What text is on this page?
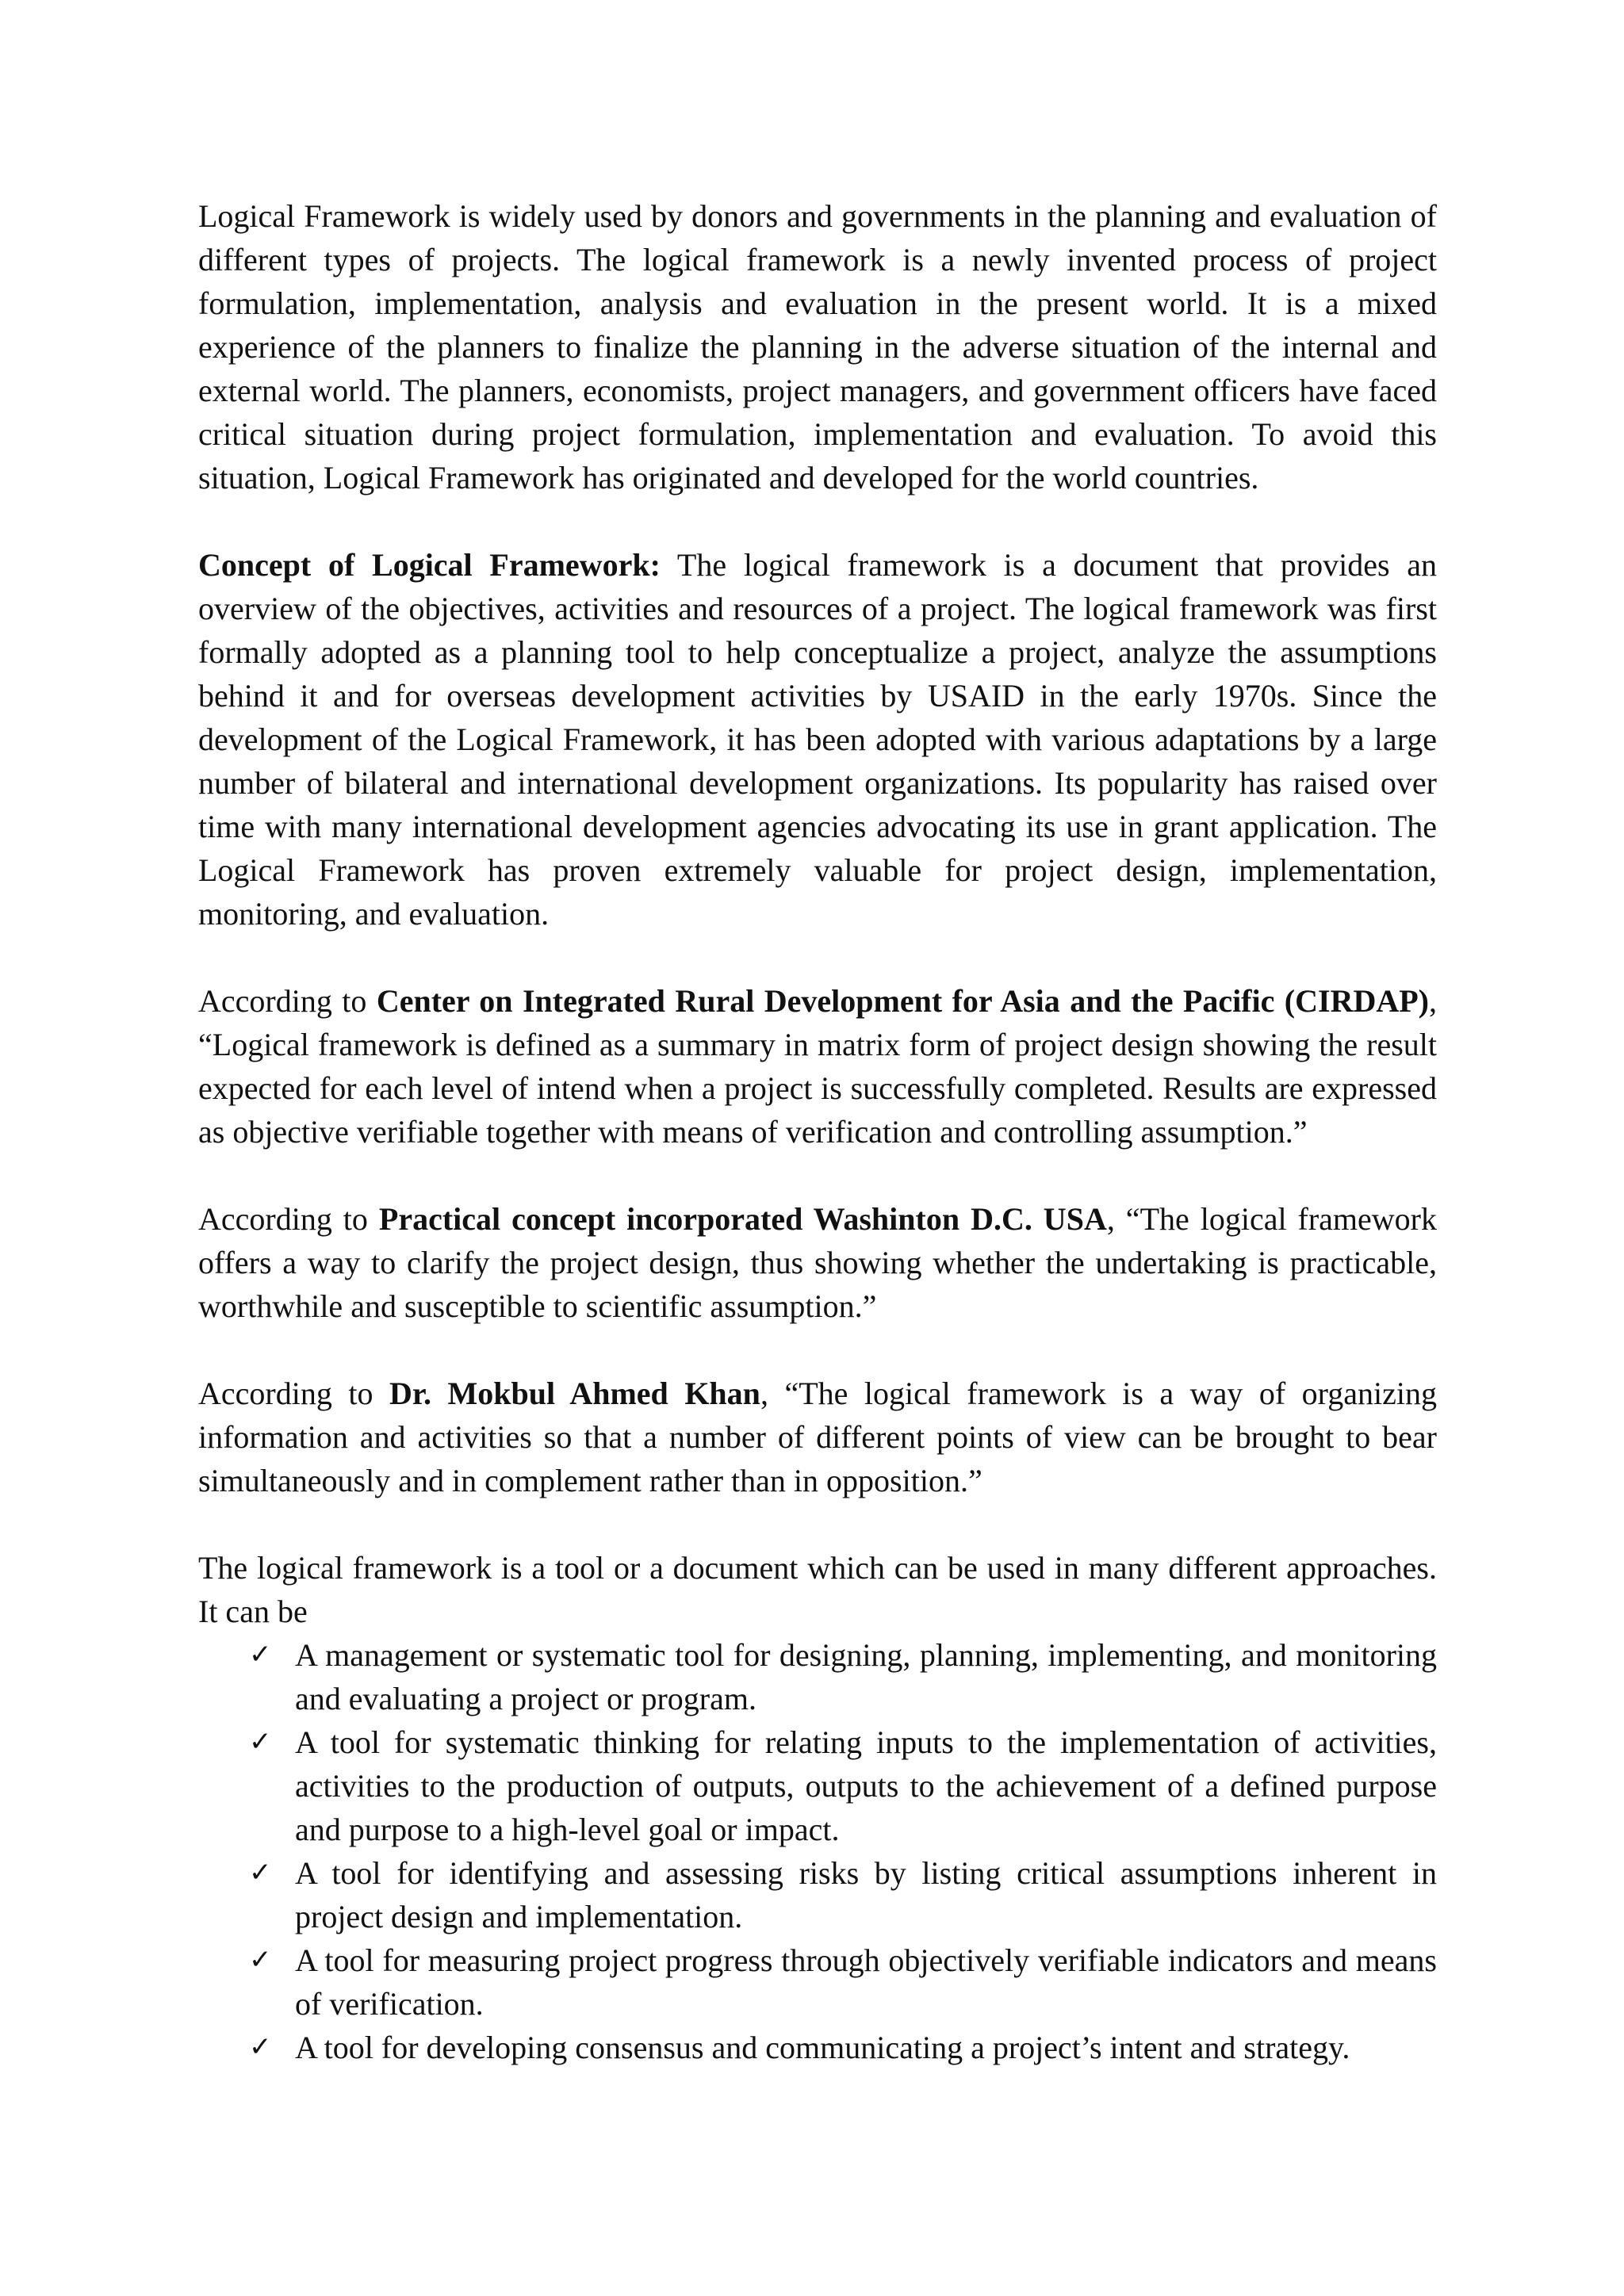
Logical Framework is widely used by donors and governments in the planning and evaluation of different types of projects. The logical framework is a newly invented process of project formulation, implementation, analysis and evaluation in the present world. It is a mixed experience of the planners to finalize the planning in the adverse situation of the internal and external world. The planners, economists, project managers, and government officers have faced critical situation during project formulation, implementation and evaluation. To avoid this situation, Logical Framework has originated and developed for the world countries.

Concept of Logical Framework: The logical framework is a document that provides an overview of the objectives, activities and resources of a project. The logical framework was first formally adopted as a planning tool to help conceptualize a project, analyze the assumptions behind it and for overseas development activities by USAID in the early 1970s. Since the development of the Logical Framework, it has been adopted with various adaptations by a large number of bilateral and international development organizations. Its popularity has raised over time with many international development agencies advocating its use in grant application. The Logical Framework has proven extremely valuable for project design, implementation, monitoring, and evaluation.

According to Center on Integrated Rural Development for Asia and the Pacific (CIRDAP), “Logical framework is defined as a summary in matrix form of project design showing the result expected for each level of intend when a project is successfully completed. Results are expressed as objective verifiable together with means of verification and controlling assumption.”

According to Practical concept incorporated Washinton D.C. USA, “The logical framework offers a way to clarify the project design, thus showing whether the undertaking is practicable, worthwhile and susceptible to scientific assumption.”

According to Dr. Mokbul Ahmed Khan, “The logical framework is a way of organizing information and activities so that a number of different points of view can be brought to bear simultaneously and in complement rather than in opposition.”

The logical framework is a tool or a document which can be used in many different approaches. It can be

✓ A management or systematic tool for designing, planning, implementing, and monitoring and evaluating a project or program.
✓ A tool for systematic thinking for relating inputs to the implementation of activities, activities to the production of outputs, outputs to the achievement of a defined purpose and purpose to a high-level goal or impact.
✓ A tool for identifying and assessing risks by listing critical assumptions inherent in project design and implementation.
✓ A tool for measuring project progress through objectively verifiable indicators and means of verification.
✓ A tool for developing consensus and communicating a project’s intent and strategy.
